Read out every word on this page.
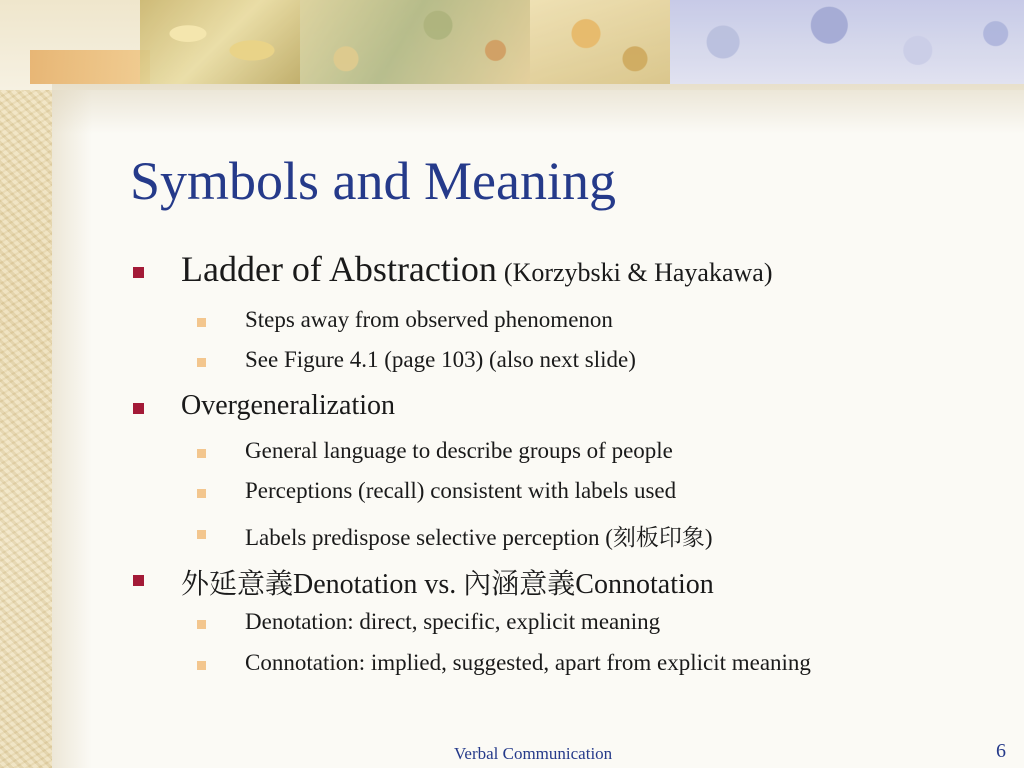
Symbols and Meaning
Ladder of Abstraction (Korzybski & Hayakawa)
Steps away from observed phenomenon
See Figure 4.1 (page 103) (also next slide)
Overgeneralization
General language to describe groups of people
Perceptions (recall) consistent with labels used
Labels predispose selective perception (刻板印象)
外延意義Denotation vs. 內涵意義Connotation
Denotation: direct, specific, explicit meaning
Connotation: implied, suggested, apart from explicit meaning
Verbal Communication	6
